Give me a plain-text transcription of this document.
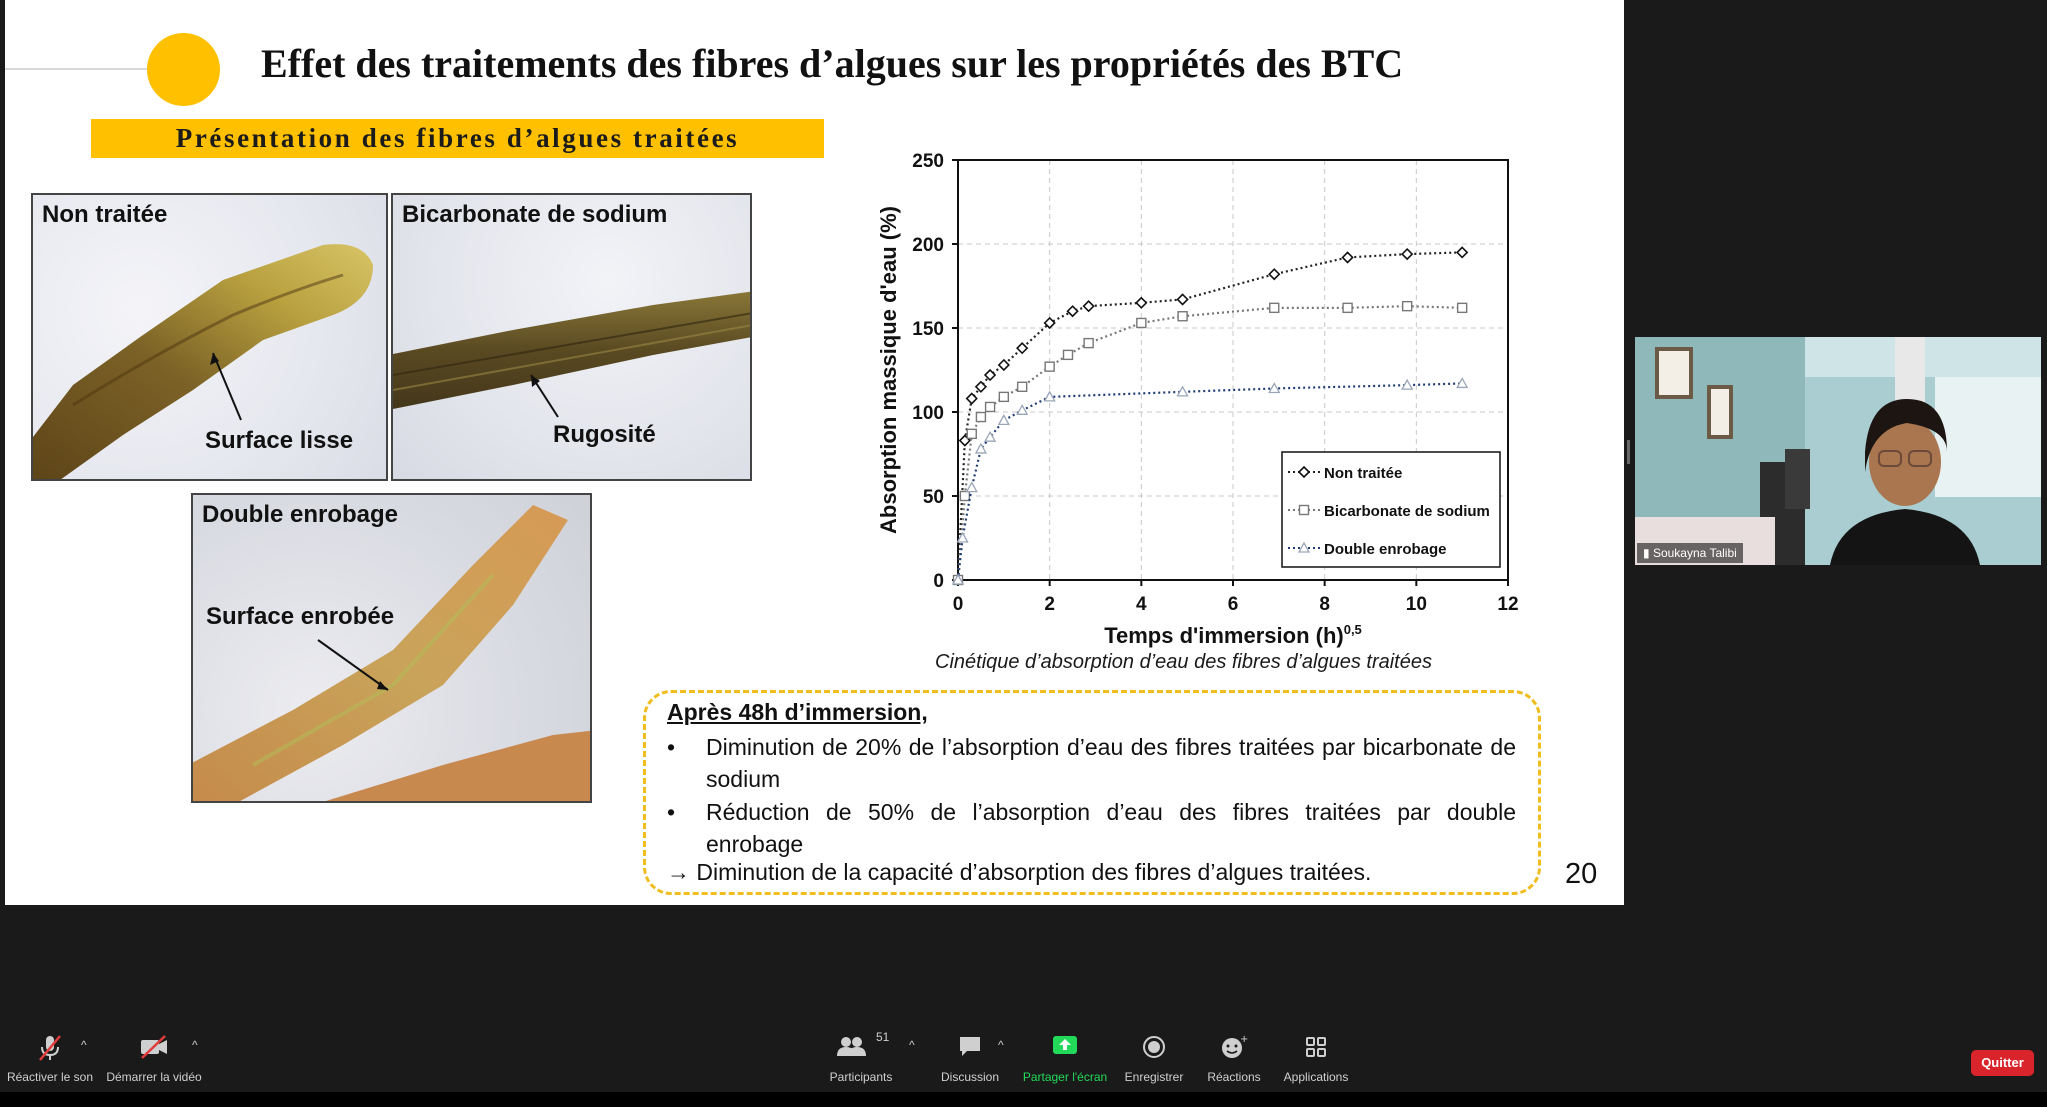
Effet des traitements des fibres d’algues sur les propriétés des BTC
Présentation des fibres d’algues traitées
Non traitée
Surface lisse
Bicarbonate de sodium
Rugosité
Double enrobage
Surface enrobée
0
50
100
150
200
250
0	2	4	6	8	10	12
Temps d'immersion $(h)^{0,5}$
Absorption massique d'eau (%)	Non traitée
Bicarbonate de sodium
Double enrobage
Cinétique d’absorption d’eau des fibres d’algues traitées
Après 48h d’immersion,
• Diminution de 20% de l’absorption d’eau des fibres traitées par bicarbonate de sodium
• Réduction de 50% de l’absorption d’eau des fibres traitées par double enrobage
→ Diminution de la capacité d’absorption des fibres d’algues traitées.	20
▮ Soukayna Talibi
Réactiver le son
^
Démarrer la vidéo
^
51
Participants
^
Discussion
^
Partager l'écran	Enregistrer
+
Réactions	Applications
Quitter
